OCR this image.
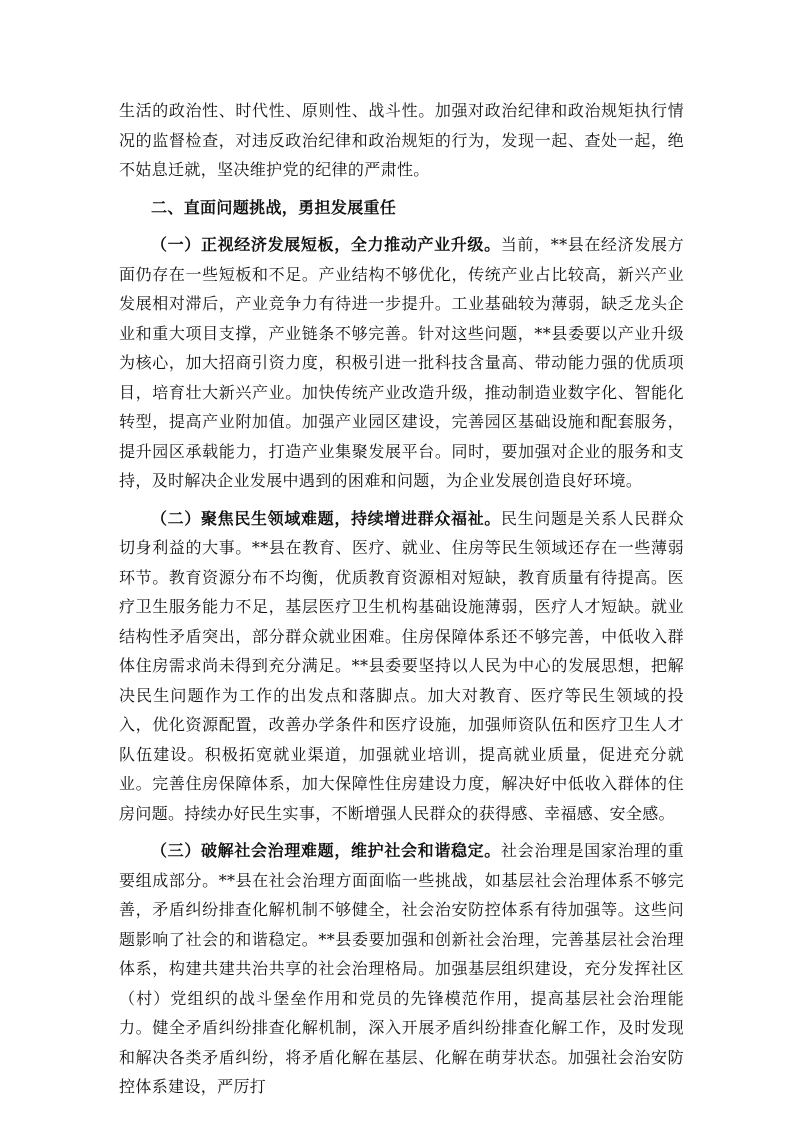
生活的政治性、时代性、原则性、战斗性。加强对政治纪律和政治规矩执行情况的监督检查，对违反政治纪律和政治规矩的行为，发现一起、查处一起，绝不姑息迁就，坚决维护党的纪律的严肃性。

二、直面问题挑战，勇担发展重任

（一）正视经济发展短板，全力推动产业升级。当前，**县在经济发展方面仍存在一些短板和不足。产业结构不够优化，传统产业占比较高，新兴产业发展相对滞后，产业竞争力有待进一步提升。工业基础较为薄弱，缺乏龙头企业和重大项目支撑，产业链条不够完善。针对这些问题，**县委要以产业升级为核心，加大招商引资力度，积极引进一批科技含量高、带动能力强的优质项目，培育壮大新兴产业。加快传统产业改造升级，推动制造业数字化、智能化转型，提高产业附加值。加强产业园区建设，完善园区基础设施和配套服务，提升园区承载能力，打造产业集聚发展平台。同时，要加强对企业的服务和支持，及时解决企业发展中遇到的困难和问题，为企业发展创造良好环境。

（二）聚焦民生领域难题，持续增进群众福祉。民生问题是关系人民群众切身利益的大事。**县在教育、医疗、就业、住房等民生领域还存在一些薄弱环节。教育资源分布不均衡，优质教育资源相对短缺，教育质量有待提高。医疗卫生服务能力不足，基层医疗卫生机构基础设施薄弱，医疗人才短缺。就业结构性矛盾突出，部分群众就业困难。住房保障体系还不够完善，中低收入群体住房需求尚未得到充分满足。**县委要坚持以人民为中心的发展思想，把解决民生问题作为工作的出发点和落脚点。加大对教育、医疗等民生领域的投入，优化资源配置，改善办学条件和医疗设施，加强师资队伍和医疗卫生人才队伍建设。积极拓宽就业渠道，加强就业培训，提高就业质量，促进充分就业。完善住房保障体系，加大保障性住房建设力度，解决好中低收入群体的住房问题。持续办好民生实事，不断增强人民群众的获得感、幸福感、安全感。

（三）破解社会治理难题，维护社会和谐稳定。社会治理是国家治理的重要组成部分。**县在社会治理方面面临一些挑战，如基层社会治理体系不够完善，矛盾纠纷排查化解机制不够健全，社会治安防控体系有待加强等。这些问题影响了社会的和谐稳定。**县委要加强和创新社会治理，完善基层社会治理体系，构建共建共治共享的社会治理格局。加强基层组织建设，充分发挥社区（村）党组织的战斗堡垒作用和党员的先锋模范作用，提高基层社会治理能力。健全矛盾纠纷排查化解机制，深入开展矛盾纠纷排查化解工作，及时发现和解决各类矛盾纠纷，将矛盾化解在基层、化解在萌芽状态。加强社会治安防控体系建设，严厉打
